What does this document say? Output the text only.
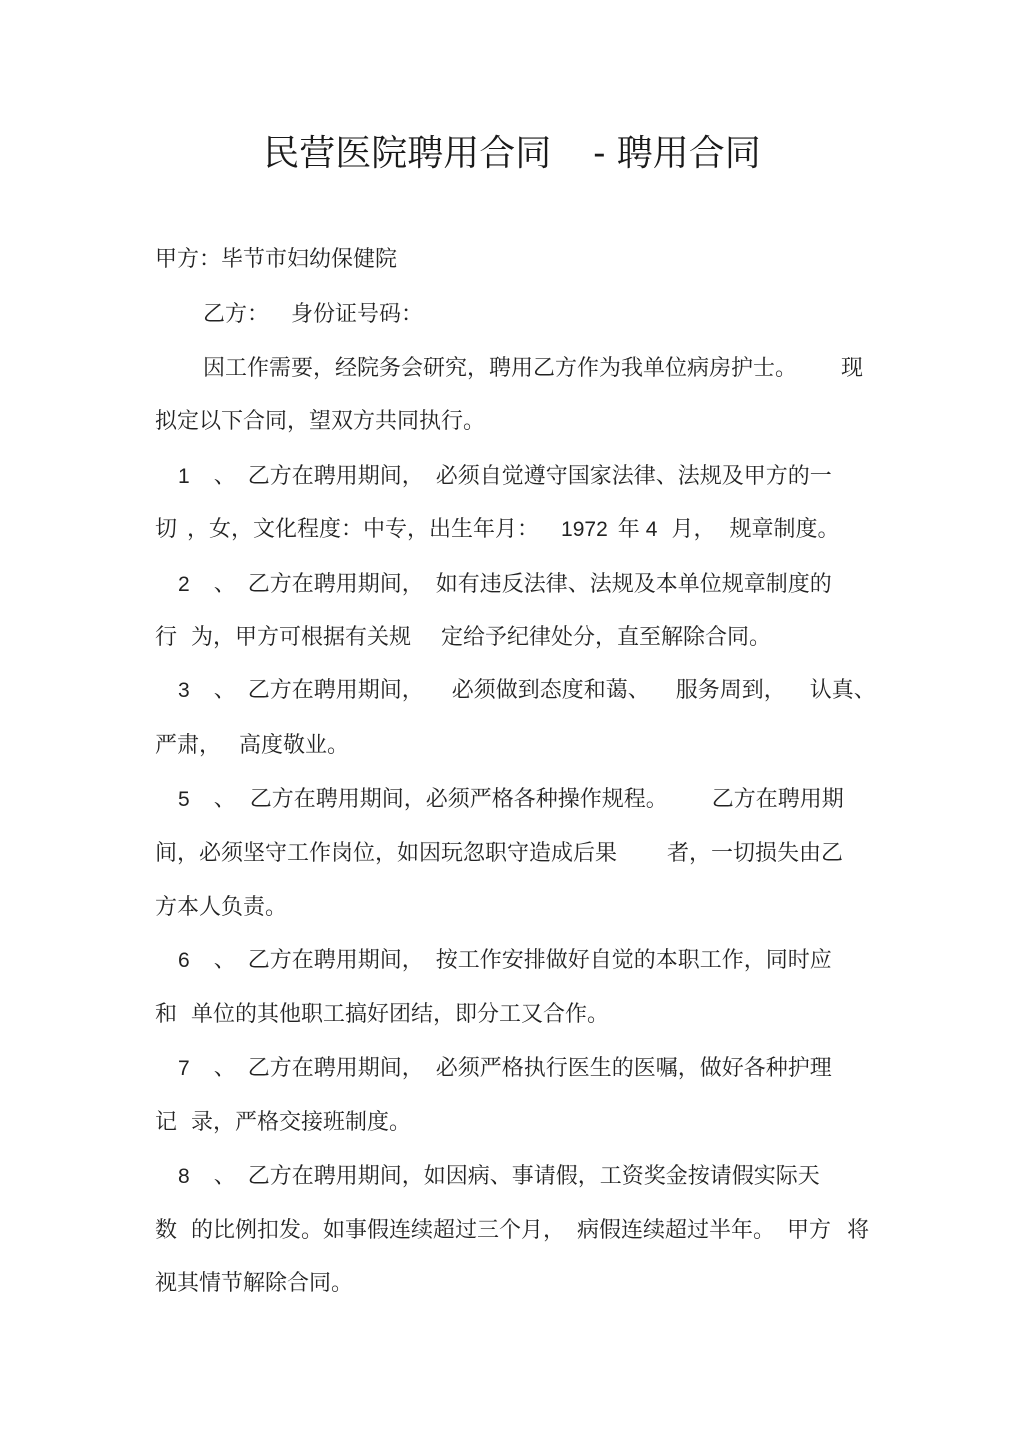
民营医院聘用合同 - 聘用合同
甲方：毕节市妇幼保健院
乙方： 身份证号码：
因工作需要，经院务会研究，聘用乙方作为我单位病房护士。 现
拟定以下合同，望双方共同执行。
1 、 乙方在聘用期间， 必须自觉遵守国家法律、法规及甲方的一
切 ，女，文化程度：中专，出生年月： 1972 年 4 月， 规章制度。
2 、 乙方在聘用期间， 如有违反法律、法规及本单位规章制度的
行 为，甲方可根据有关规 定给予纪律处分，直至解除合同。
3 、 乙方在聘用期间， 必须做到态度和蔼、 服务周到， 认真、
严肃， 高度敬业。
5 、 乙方在聘用期间，必须严格各种操作规程。 乙方在聘用期
间，必须坚守工作岗位，如因玩忽职守造成后果 者，一切损失由乙
方本人负责。
6 、 乙方在聘用期间， 按工作安排做好自觉的本职工作，同时应
和 单位的其他职工搞好团结，即分工又合作。
7 、 乙方在聘用期间， 必须严格执行医生的医嘱，做好各种护理
记 录，严格交接班制度。
8 、 乙方在聘用期间，如因病、事请假，工资奖金按请假实际天
数 的比例扣发。如事假连续超过三个月， 病假连续超过半年。 甲方 将
视其情节解除合同。
